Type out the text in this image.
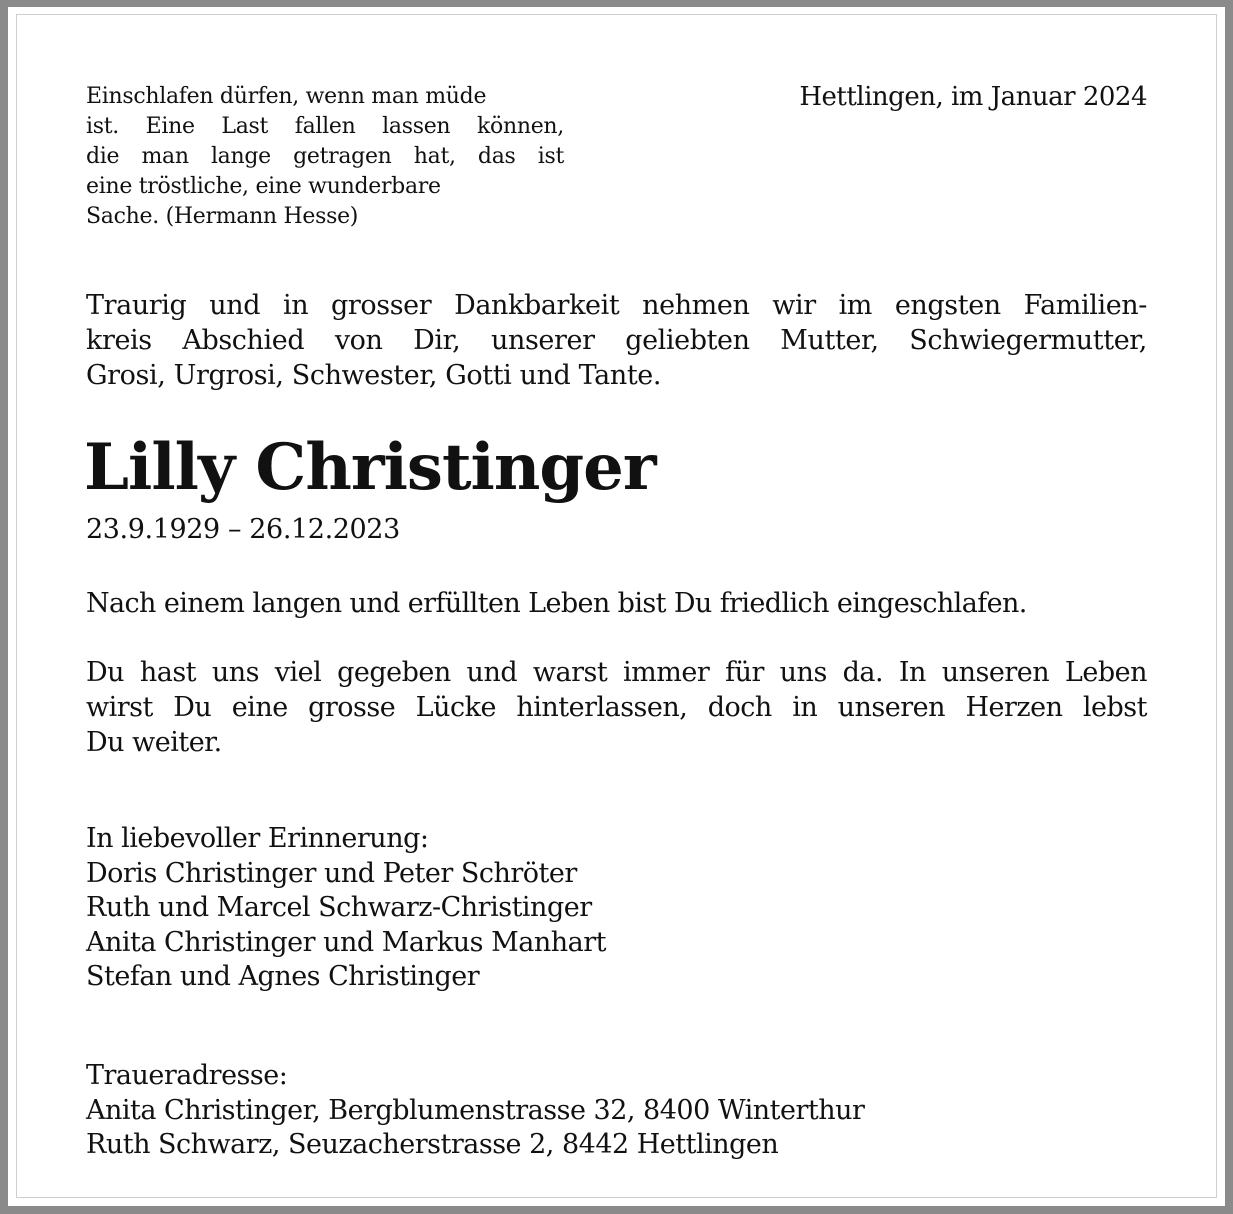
Einschlafen dürfen, wenn man müde
ist. Eine Last fallen lassen können,
die man lange getragen hat, das ist
eine tröstliche, eine wunderbare
Sache. (Hermann Hesse)
Hettlingen, im Januar 2024
Traurig und in grosser Dankbarkeit nehmen wir im engsten Familien-
kreis Abschied von Dir, unserer geliebten Mutter, Schwiegermutter,
Grosi, Urgrosi, Schwester, Gotti und Tante.
Lilly Christinger
23.9.1929 – 26.12.2023
Nach einem langen und erfüllten Leben bist Du friedlich eingeschlafen.
Du hast uns viel gegeben und warst immer für uns da. In unseren Leben
wirst Du eine grosse Lücke hinterlassen, doch in unseren Herzen lebst
Du weiter.
In liebevoller Erinnerung:
Doris Christinger und Peter Schröter
Ruth und Marcel Schwarz-Christinger
Anita Christinger und Markus Manhart
Stefan und Agnes Christinger
Traueradresse:
Anita Christinger, Bergblumenstrasse 32, 8400 Winterthur
Ruth Schwarz, Seuzacherstrasse 2, 8442 Hettlingen
